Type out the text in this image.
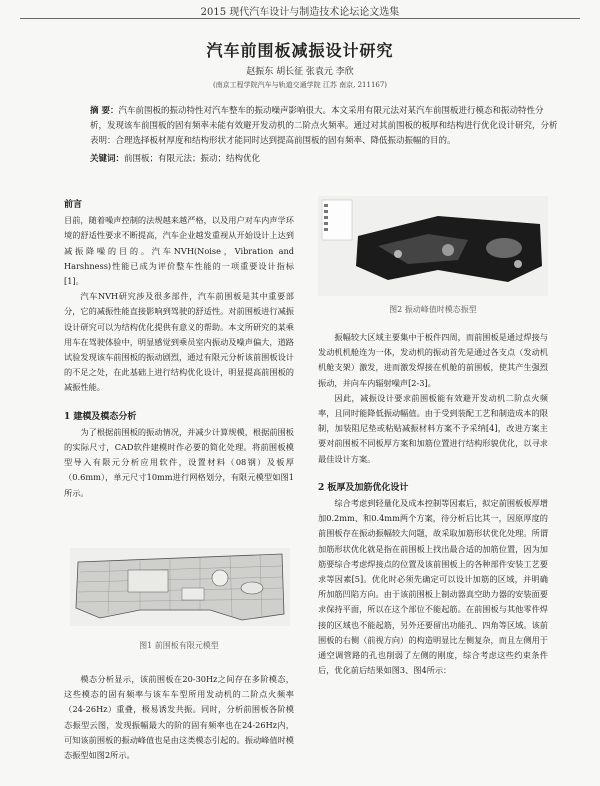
2015 现代汽车设计与制造技术论坛论文选集
汽车前围板减振设计研究
赵振东 胡长征 张袁元 李欣
(南京工程学院汽车与轨道交通学院 江苏 南京, 211167)
摘 要：汽车前围板的振动特性对汽车整车的振动噪声影响很大。本文采用有限元法对某汽车前围板进行模态和振动特性分析，发现该车前围板的固有频率未能有效避开发动机的二阶点火频率。通过对其前围板的板厚和结构进行优化设计研究，分析表明：合理选择板材厚度和结构形状才能同时达到提高前围板的固有频率、降低振动振幅的目的。
关键词：前围板；有限元法；振动；结构优化
前言

目前，随着噪声控制的法规越来越严格，以及用户对车内声学环境的舒适性要求不断提高，汽车企业越发重视从开始设计上达到减振降噪的目的。汽车NVH(Noise，Vibration and Harshness)性能已成为评价整车性能的一项重要设计指标[1]。

汽车NVH研究涉及很多部件，汽车前围板是其中重要部分，它的减振性能直接影响到驾驶的舒适性。对前围板进行减振设计研究可以为结构优化提供有意义的帮助。本文所研究的某乘用车在驾驶体验中，明显感觉到乘员室内振动及噪声偏大，道路试验发现该车前围板的振动剧烈，通过有限元分析该前围板设计的不足之处，在此基础上进行结构优化设计，明显提高前围板的减振性能。

1 建模及模态分析

为了根据前围板的振动情况，并减少计算规模，根据前围板的实际尺寸，CAD软件建模时作必要的简化处理。将前围板模型导入有限元分析应用软件，设置材料（08钢）及板厚（0.6mm），单元尺寸10mm进行网格划分，有限元模型如图1所示。

图1 前围板有限元模型

模态分析显示，该前围板在20-30Hz之间存在多阶模态，这些模态的固有频率与该车车型所用发动机的二阶点火频率（24-26Hz）重叠，极易诱发共振。同时，分析前围板各阶模态振型云图，发现振幅最大的阶的固有频率也在24-26Hz内，可知该前围板的振动峰值也是由这类模态引起的。振动峰值时模态振型如图2所示。

图2 振动峰值时模态振型

振幅较大区域主要集中于板件四周，而前围板是通过焊接与发动机机舱连为一体，发动机的振动首先是通过各支点（发动机机舱支架）激发，进而激发焊接在机舱的前围板，使其产生强烈振动，并向车内辐射噪声[2-3]。

因此，减振设计要求前围板能有效避开发动机二阶点火频率，且同时能降低振动幅值。由于受到装配工艺和制造成本的限制，加装阻尼垫或粘贴减振材料方案不予采纳[4]，改进方案主要对前围板不同板厚方案和加筋位置进行结构形貌优化，以寻求最佳设计方案。

2 板厚及加筋优化设计

综合考虑到轻量化及成本控制等因素后，拟定前围板板厚增加0.2mm、和0.4mm两个方案，待分析后比其一，因原厚度的前围板存在振动振幅较大问题，故采取加筋形状优化处理。所谓加筋形状优化就是指在前围板上找出最合适的加筋位置，因为加筋要综合考虑焊接点的位置及该前围板上的各种部件安装工艺要求等因素[5]。优化时必须先确定可以设计加筋的区域，并明确所加筋凹陷方向。由于该前围板上制动器真空助力器的安装面要求保持平面，所以在这个部位不能起筋。在前围板与其他零件焊接的区域也不能起筋，另外还要留出功能孔、四角等区域。该前围板的右侧（前视方向）的构造明显比左侧复杂，而且左侧用于通空调管路的孔也削弱了左侧的刚度，综合考虑这些约束条件后，优化前后结果如图3、图4所示：
